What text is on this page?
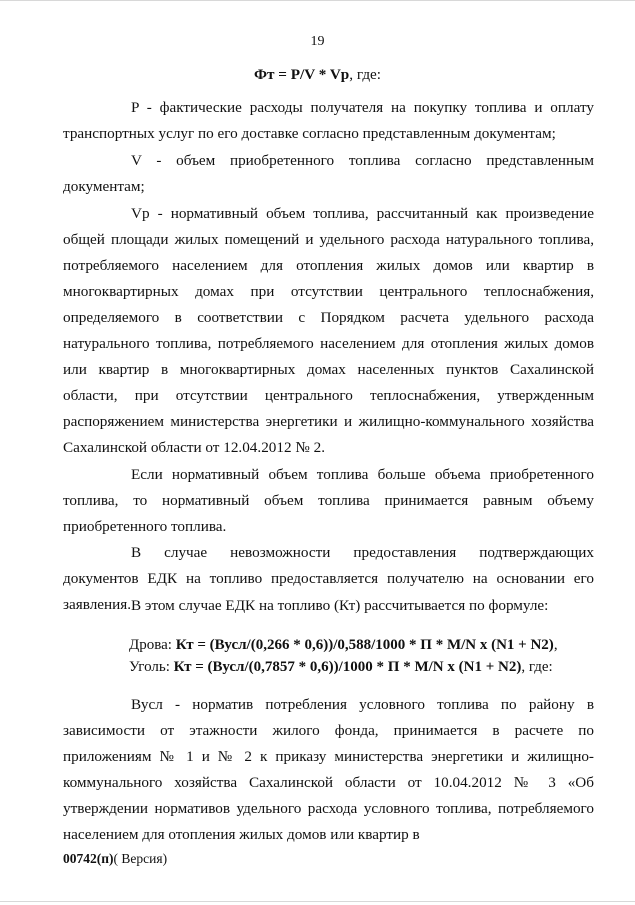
19
Фт = P/V * Vp, где:

P - фактические расходы получателя на покупку топлива и оплату транспортных услуг по его доставке согласно представленным документам;

V - объем приобретенного топлива согласно представленным документам;

Vp - нормативный объем топлива, рассчитанный как произведение общей площади жилых помещений и удельного расхода натурального топлива, потребляемого населением для отопления жилых домов или квартир в многоквартирных домах при отсутствии центрального теплоснабжения, определяемого в соответствии с Порядком расчета удельного расхода натурального топлива, потребляемого населением для отопления жилых домов или квартир в многоквартирных домах населенных пунктов Сахалинской области, при отсутствии центрального теплоснабжения, утвержденным распоряжением министерства энергетики и жилищно-коммунального хозяйства Сахалинской области от 12.04.2012 № 2.

Если нормативный объем топлива больше объема приобретенного топлива, то нормативный объем топлива принимается равным объему приобретенного топлива.

В случае невозможности предоставления подтверждающих документов ЕДК на топливо предоставляется получателю на основании его заявления. В этом случае ЕДК на топливо (Кт) рассчитывается по формуле:

Дрова: Кт = (Вусл/(0,266 * 0,6))/0,588/1000 * П * M/N x (N1 + N2),
Уголь: Кт = (Вусл/(0,7857 * 0,6))/1000 * П * M/N x (N1 + N2), где:

Вусл - норматив потребления условного топлива по району в зависимости от этажности жилого фонда, принимается в расчете по приложениям № 1 и № 2 к приказу министерства энергетики и жилищно-коммунального хозяйства Сахалинской области от 10.04.2012 № 3 «Об утверждении нормативов удельного расхода условного топлива, потребляемого населением для отопления жилых домов или квартир в

00742(п)( Версия)
